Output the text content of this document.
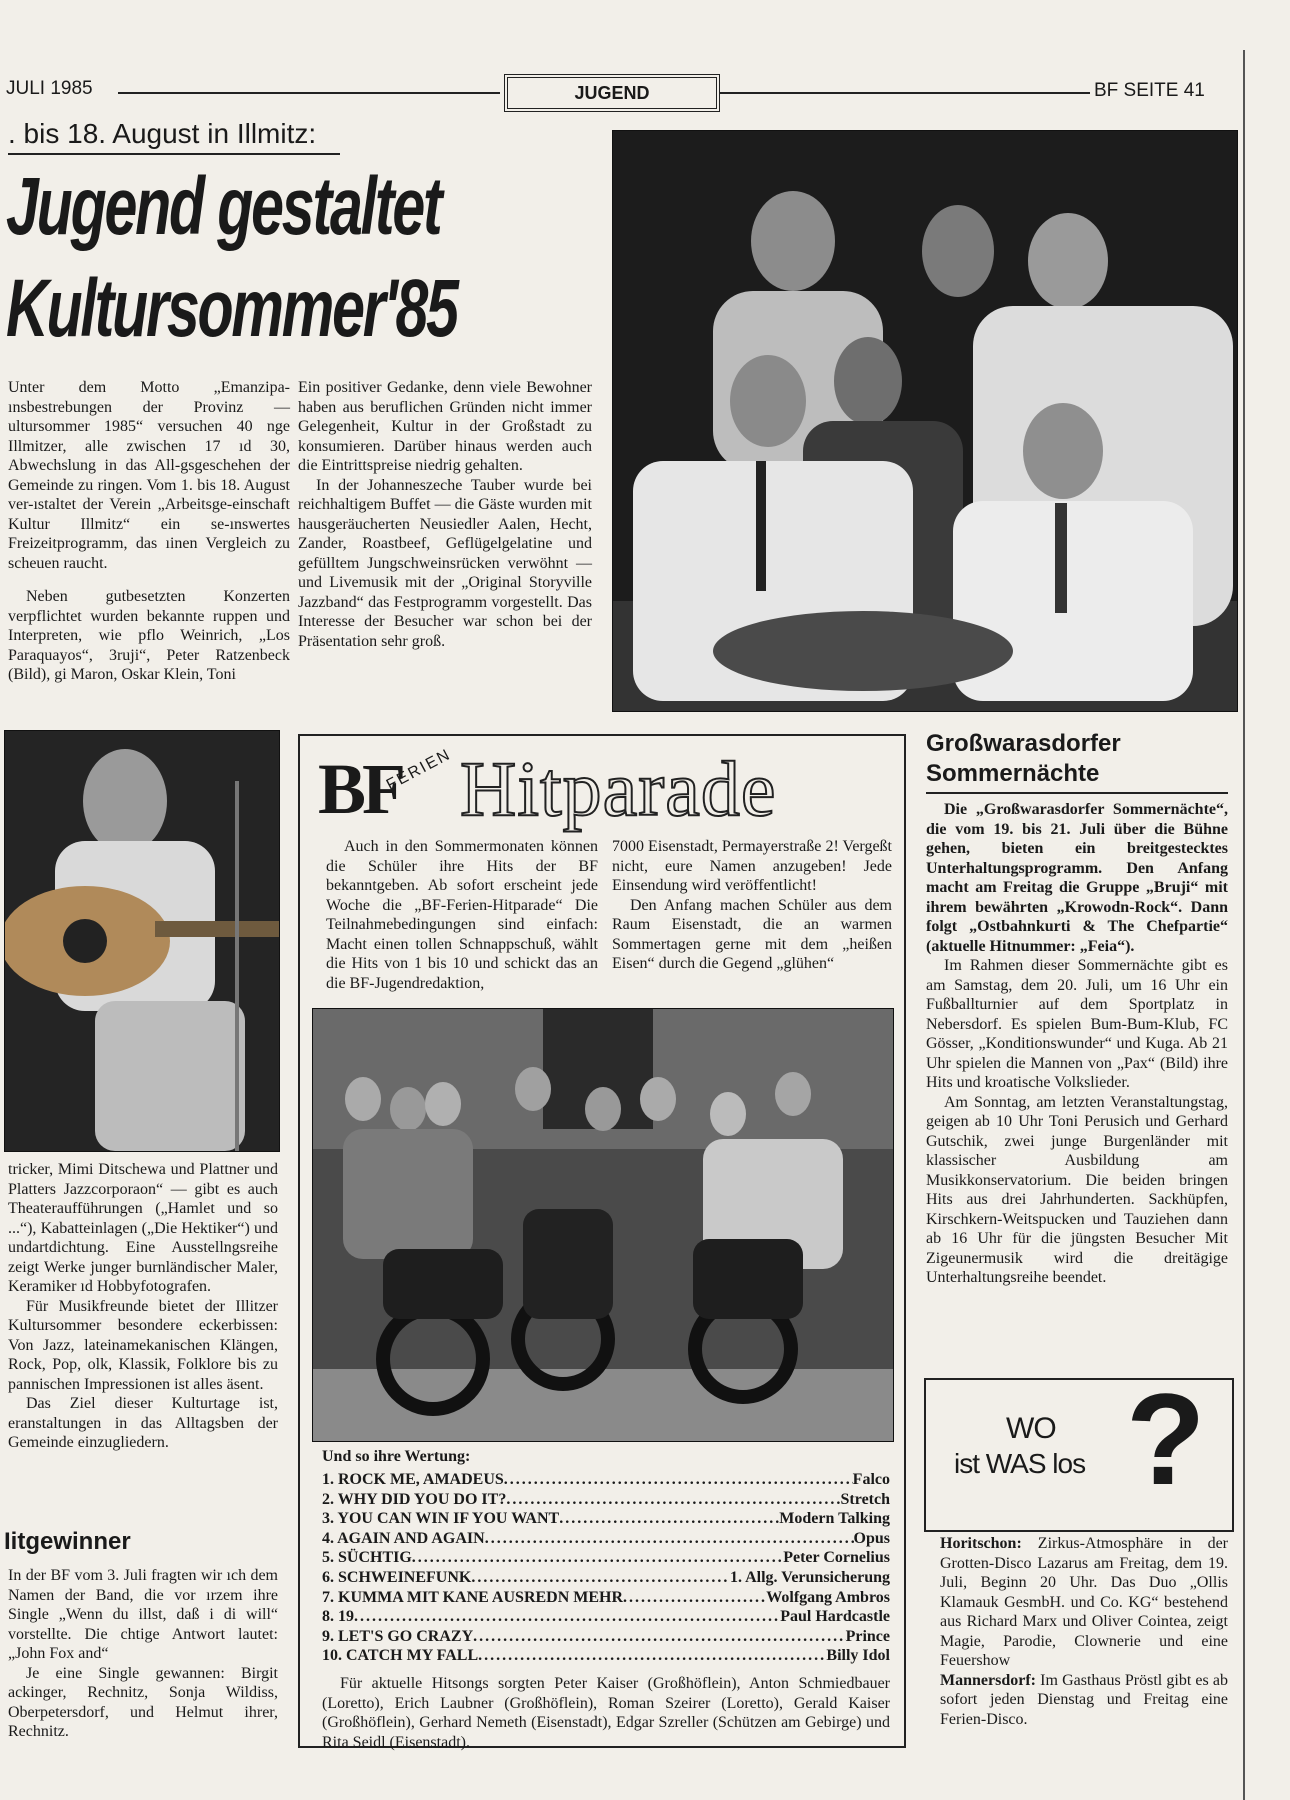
JULI 1985	JUGEND	BF SEITE 41
. bis 18. August in Illmitz:
Jugend gestaltet
Kultursommer'85

Unter dem Motto „Emanzipa-ınsbestrebungen der Provinz — ultursommer 1985“ versuchen 40 nge Illmitzer, alle zwischen 17 ıd 30, Abwechslung in das All-gsgeschehen der Gemeinde zu ringen. Vom 1. bis 18. August ver-ıstaltet der Verein „Arbeitsge-einschaft Kultur Illmitz“ ein se-ınswertes Freizeitprogramm, das ıinen Vergleich zu scheuen raucht.

Neben gutbesetzten Konzerten verpflichtet wurden bekannte ruppen und Interpreten, wie pflo Weinrich, „Los Paraquayos“, 3ruji“, Peter Ratzenbeck (Bild), gi Maron, Oskar Klein, Toni

Ein positiver Gedanke, denn viele Bewohner haben aus beruflichen Gründen nicht immer Gelegenheit, Kultur in der Großstadt zu konsumieren. Darüber hinaus werden auch die Eintrittspreise niedrig gehalten.

In der Johanneszeche Tauber wurde bei reichhaltigem Buffet — die Gäste wurden mit hausgeräucherten Neusiedler Aalen, Hecht, Zander, Roastbeef, Geflügelgelatine und gefülltem Jungschweinsrücken verwöhnt — und Livemusik mit der „Original Storyville Jazzband“ das Festprogramm vorgestellt. Das Interesse der Besucher war schon bei der Präsentation sehr groß.

tricker, Mimi Ditschewa und Plattner und Platters Jazzcorporaon“ — gibt es auch Theateraufführungen („Hamlet und so ...“), Kabatteinlagen („Die Hektiker“) und undartdichtung. Eine Ausstellngsreihe zeigt Werke junger burnländischer Maler, Keramiker ıd Hobbyfotografen.

Für Musikfreunde bietet der Illitzer Kultursommer besondere eckerbissen: Von Jazz, lateinamekanischen Klängen, Rock, Pop, olk, Klassik, Folklore bis zu pannischen Impressionen ist alles äsent.

Das Ziel dieser Kulturtage ist, eranstaltungen in das Alltagsben der Gemeinde einzugliedern.

Iitgewinner

In der BF vom 3. Juli fragten wir ıch dem Namen der Band, die vor ırzem ihre Single „Wenn du illst, daß i di will“ vorstellte. Die chtige Antwort lautet: „John Fox and“

Je eine Single gewannen: Birgit ackinger, Rechnitz, Sonja Wildiss, Oberpetersdorf, und Helmut ihrer, Rechnitz.

BF
FERIEN Hitparade

Auch in den Sommermonaten können die Schüler ihre Hits der BF bekanntgeben. Ab sofort erscheint jede Woche die „BF-Ferien-Hitparade“ Die Teilnahmebedingungen sind einfach: Macht einen tollen Schnappschuß, wählt die Hits von 1 bis 10 und schickt das an die BF-Jugendredaktion,

7000 Eisenstadt, Permayerstraße 2! Vergeßt nicht, eure Namen anzugeben! Jede Einsendung wird veröffentlicht!

Den Anfang machen Schüler aus dem Raum Eisenstadt, die an warmen Sommertagen gerne mit dem „heißen Eisen“ durch die Gegend „glühen“

Und so ihre Wertung:
1. ROCK ME, AMADEUS .....	Falco
2. WHY DID YOU DO IT? .....	Stretch
3. YOU CAN WIN IF YOU WANT .....	Modern Talking
4. AGAIN AND AGAIN .....	Opus
5. SÜCHTIG .....	Peter Cornelius
6. SCHWEINEFUNK .....	1. Allg. Verunsicherung
7. KUMMA MIT KANE AUSREDN MEHR .....	Wolfgang Ambros
8. 19 .....	Paul Hardcastle
9. LET'S GO CRAZY .....	Prince
10. CATCH MY FALL .....	Billy Idol

Für aktuelle Hitsongs sorgten Peter Kaiser (Großhöflein), Anton Schmiedbauer (Loretto), Erich Laubner (Großhöflein), Roman Szeirer (Loretto), Gerald Kaiser (Großhöflein), Gerhard Nemeth (Eisenstadt), Edgar Szreller (Schützen am Gebirge) und Rita Seidl (Eisenstadt).

Großwarasdorfer
Sommernächte

Die „Großwarasdorfer Sommernächte“, die vom 19. bis 21. Juli über die Bühne gehen, bieten ein breitgestecktes Unterhaltungsprogramm. Den Anfang macht am Freitag die Gruppe „Bruji“ mit ihrem bewährten „Krowodn-Rock“. Dann folgt „Ostbahnkurti & The Chefpartie“ (aktuelle Hitnummer: „Feia“).

Im Rahmen dieser Sommernächte gibt es am Samstag, dem 20. Juli, um 16 Uhr ein Fußballturnier auf dem Sportplatz in Nebersdorf. Es spielen Bum-Bum-Klub, FC Gösser, „Konditionswunder“ und Kuga. Ab 21 Uhr spielen die Mannen von „Pax“ (Bild) ihre Hits und kroatische Volkslieder.

Am Sonntag, am letzten Veranstaltungstag, geigen ab 10 Uhr Toni Perusich und Gerhard Gutschik, zwei junge Burgenländer mit klassischer Ausbildung am Musikkonservatorium. Die beiden bringen Hits aus drei Jahrhunderten. Sackhüpfen, Kirschkern-Weitspucken und Tauziehen dann ab 16 Uhr für die jüngsten Besucher Mit Zigeunermusik wird die dreitägige Unterhaltungsreihe beendet.

WO
ist WAS los ?

Horitschon: Zirkus-Atmosphäre in der Grotten-Disco Lazarus am Freitag, dem 19. Juli, Beginn 20 Uhr. Das Duo „Ollis Klamauk GesmbH. und Co. KG“ bestehend aus Richard Marx und Oliver Cointea, zeigt Magie, Parodie, Clownerie und eine Feuershow

Mannersdorf: Im Gasthaus Pröstl gibt es ab sofort jeden Dienstag und Freitag eine Ferien-Disco.
